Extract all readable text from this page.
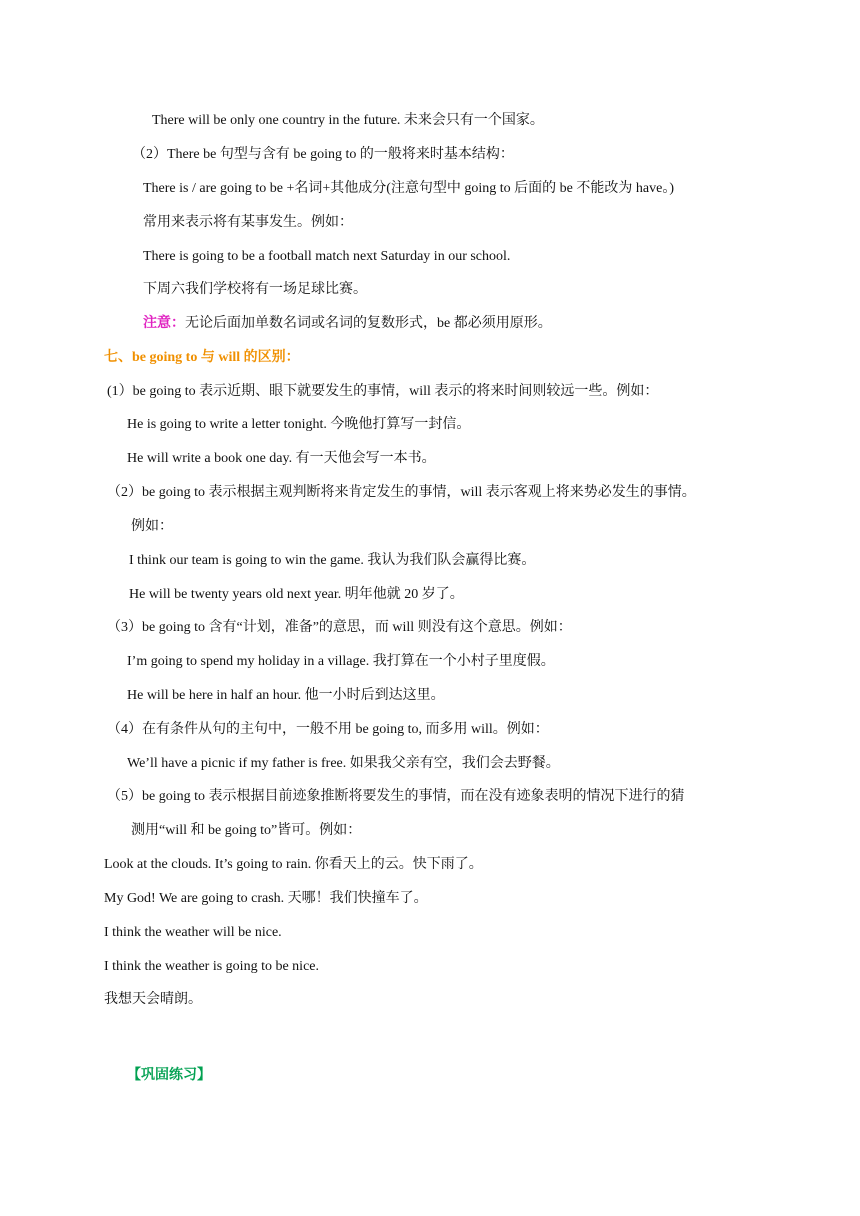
There will be only one country in the future. 未来会只有一个国家。
（2）There be 句型与含有 be going to 的一般将来时基本结构：
There is / are going to be +名词+其他成分(注意句型中 going to 后面的 be 不能改为 have。)
常用来表示将有某事发生。例如：
There is going to be a football match next Saturday in our school.
下周六我们学校将有一场足球比赛。
注意：无论后面加单数名词或名词的复数形式，be 都必须用原形。
七、be going to 与 will 的区别：
(1）be going to 表示近期、眼下就要发生的事情，will 表示的将来时间则较远一些。例如：
He is going to write a letter tonight. 今晚他打算写一封信。
He will write a book one day. 有一天他会写一本书。
（2）be going to 表示根据主观判断将来肯定发生的事情，will 表示客观上将来势必发生的事情。
例如：
I think our team is going to win the game. 我认为我们队会赢得比赛。
He will be twenty years old next year. 明年他就 20 岁了。
（3）be going to 含有“计划，准备”的意思，而 will 则没有这个意思。例如：
I’m going to spend my holiday in a village. 我打算在一个小村子里度假。
He will be here in half an hour. 他一小时后到达这里。
（4）在有条件从句的主句中，一般不用 be going to, 而多用 will。例如：
We’ll have a picnic if my father is free. 如果我父亲有空，我们会去野餐。
（5）be going to 表示根据目前迹象推断将要发生的事情，而在没有迹象表明的情况下进行的猜
测用“will 和 be going to”皆可。例如：
Look at the clouds. It’s going to rain. 你看天上的云。快下雨了。
My God! We are going to crash. 天哪！我们快撞车了。
I think the weather will be nice.
I think the weather is going to be nice.
我想天会晴朗。
【巩固练习】
